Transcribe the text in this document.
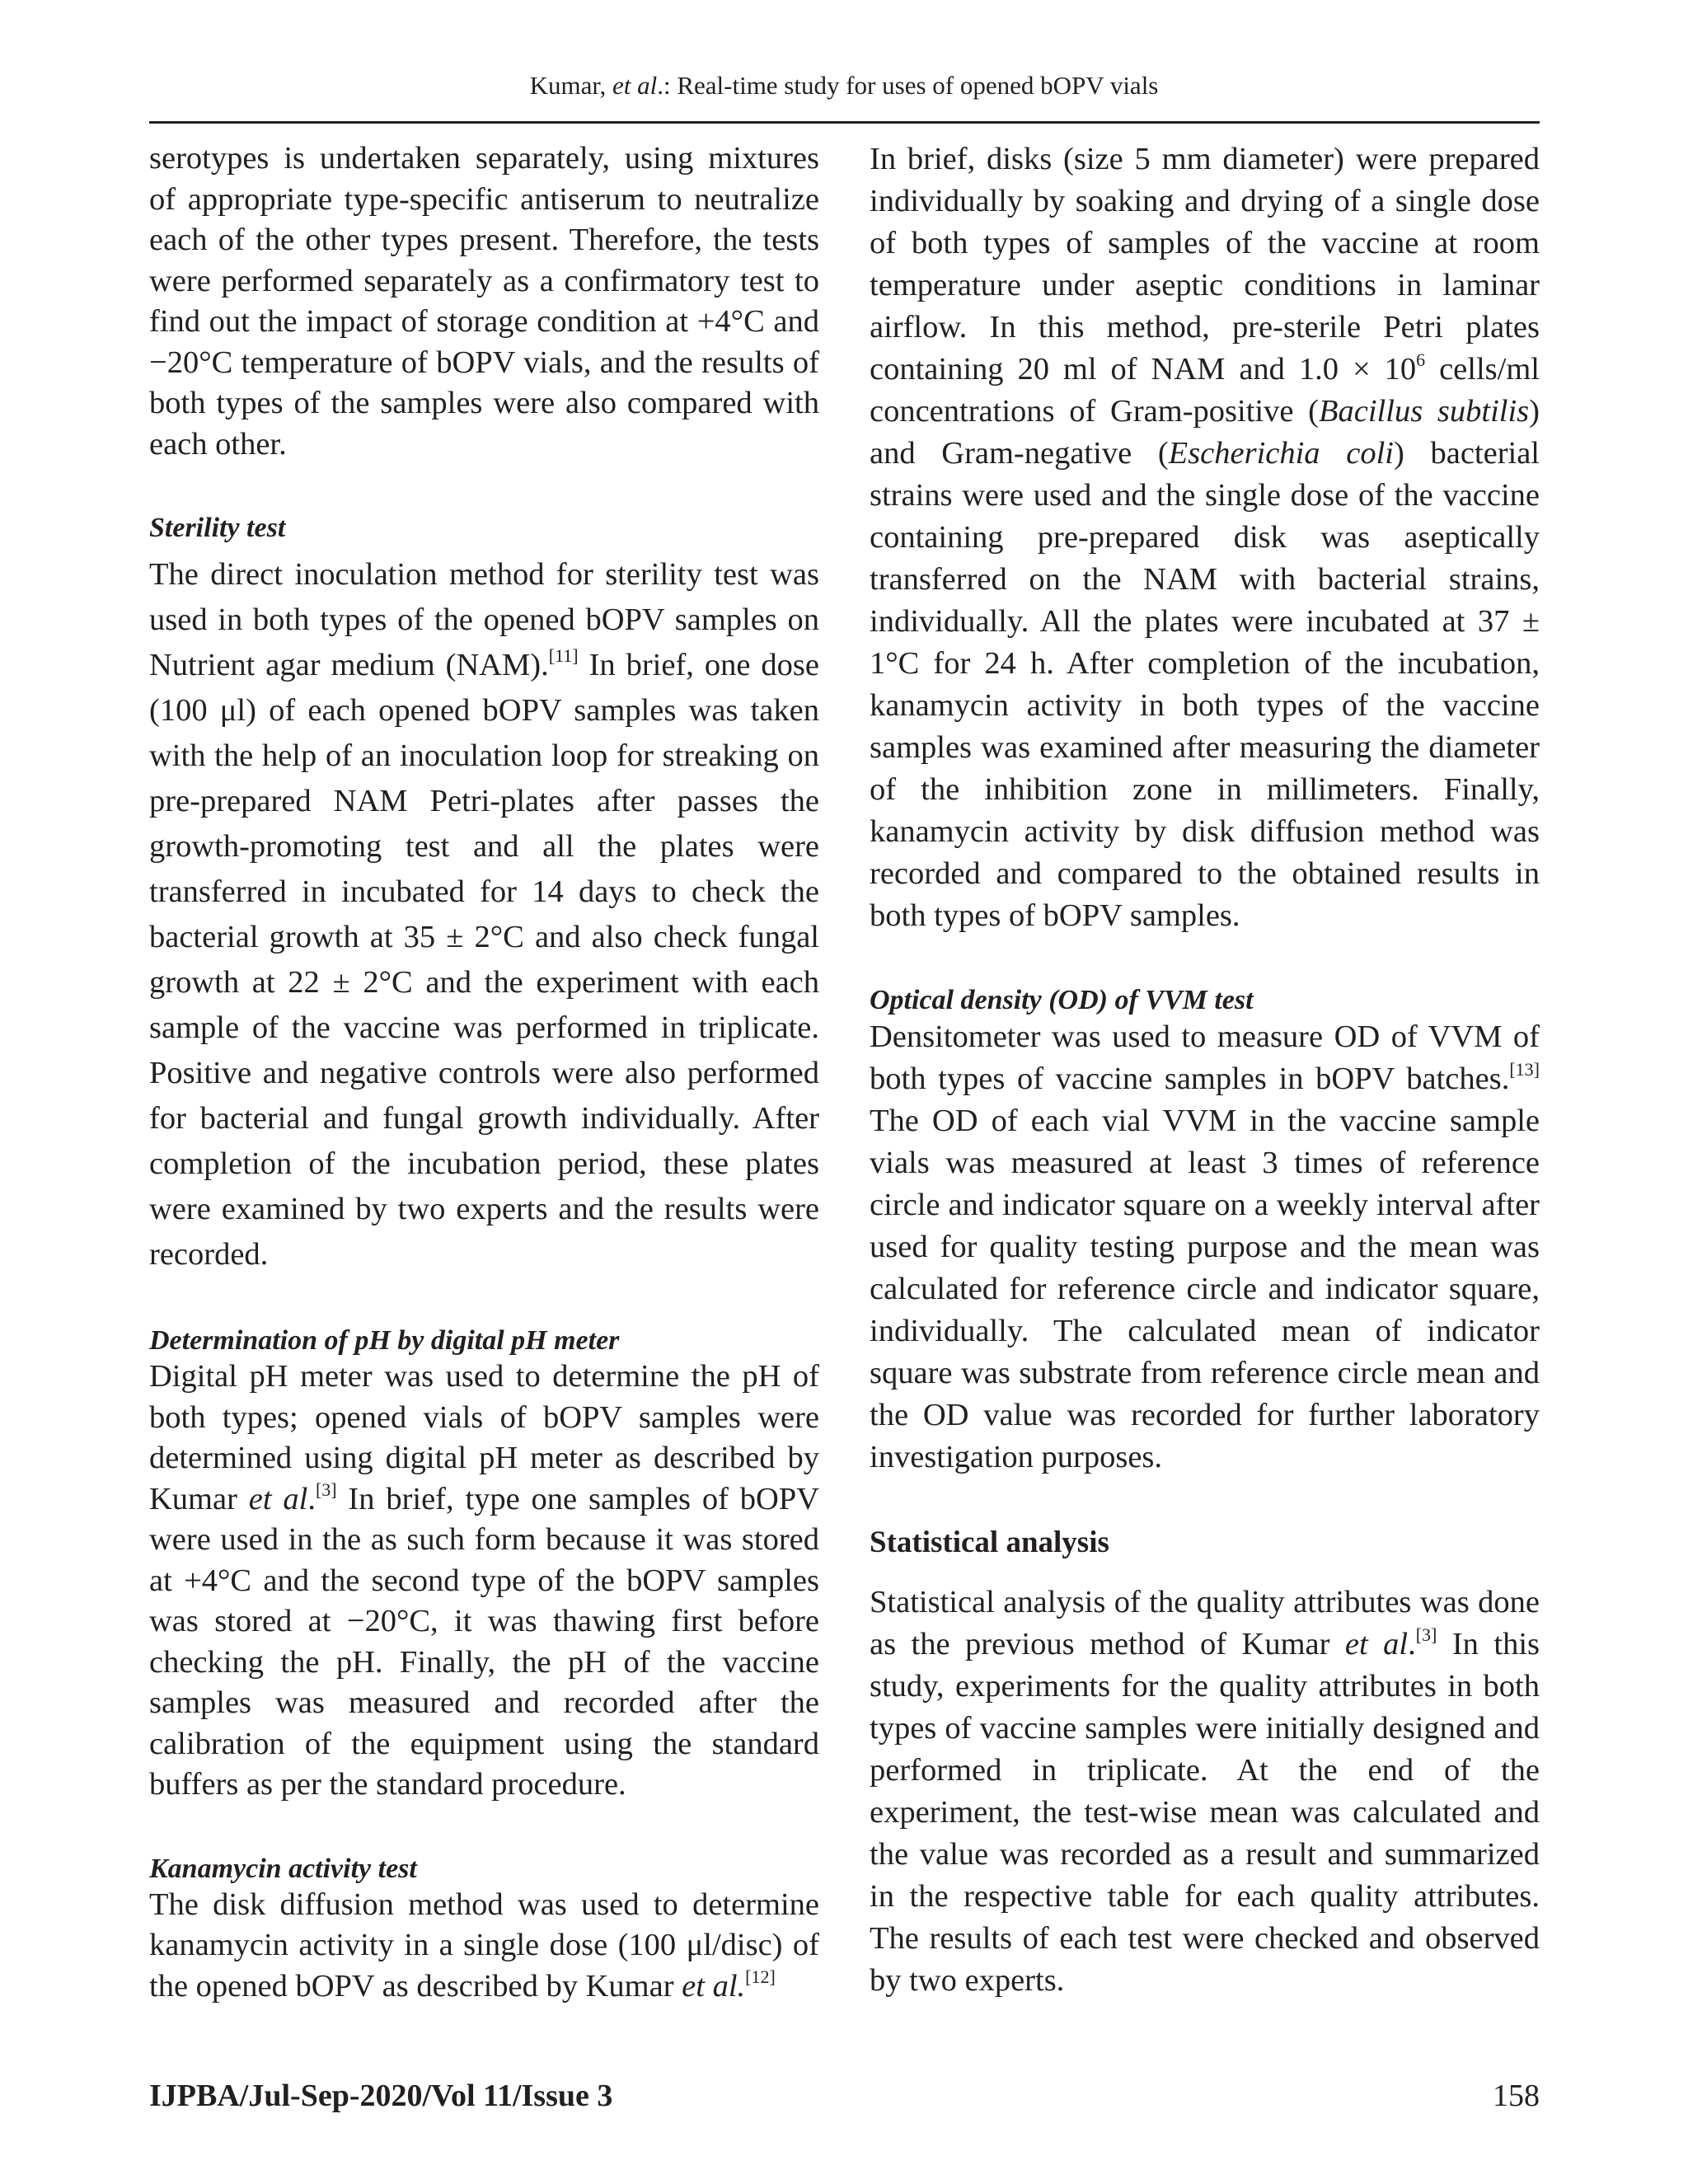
Kumar, et al.: Real-time study for uses of opened bOPV vials

serotypes is undertaken separately, using mixtures of appropriate type-specific antiserum to neutralize each of the other types present. Therefore, the tests were performed separately as a confirmatory test to find out the impact of storage condition at +4°C and −20°C temperature of bOPV vials, and the results of both types of the samples were also compared with each other.

Sterility test

The direct inoculation method for sterility test was used in both types of the opened bOPV samples on Nutrient agar medium (NAM).[11] In brief, one dose (100 μl) of each opened bOPV samples was taken with the help of an inoculation loop for streaking on pre-prepared NAM Petri-plates after passes the growth-promoting test and all the plates were transferred in incubated for 14 days to check the bacterial growth at 35 ± 2°C and also check fungal growth at 22 ± 2°C and the experiment with each sample of the vaccine was performed in triplicate. Positive and negative controls were also performed for bacterial and fungal growth individually. After completion of the incubation period, these plates were examined by two experts and the results were recorded.

Determination of pH by digital pH meter

Digital pH meter was used to determine the pH of both types; opened vials of bOPV samples were determined using digital pH meter as described by Kumar et al.[3] In brief, type one samples of bOPV were used in the as such form because it was stored at +4°C and the second type of the bOPV samples was stored at −20°C, it was thawing first before checking the pH. Finally, the pH of the vaccine samples was measured and recorded after the calibration of the equipment using the standard buffers as per the standard procedure.

Kanamycin activity test

The disk diffusion method was used to determine kanamycin activity in a single dose (100 μl/disc) of the opened bOPV as described by Kumar et al.[12]

In brief, disks (size 5 mm diameter) were prepared individually by soaking and drying of a single dose of both types of samples of the vaccine at room temperature under aseptic conditions in laminar airflow. In this method, pre-sterile Petri plates containing 20 ml of NAM and $1.0 \times 10^6$ cells/ml concentrations of Gram-positive (Bacillus subtilis) and Gram-negative (Escherichia coli) bacterial strains were used and the single dose of the vaccine containing pre-prepared disk was aseptically transferred on the NAM with bacterial strains, individually. All the plates were incubated at 37 ± 1°C for 24 h. After completion of the incubation, kanamycin activity in both types of the vaccine samples was examined after measuring the diameter of the inhibition zone in millimeters. Finally, kanamycin activity by disk diffusion method was recorded and compared to the obtained results in both types of bOPV samples.

Optical density (OD) of VVM test

Densitometer was used to measure OD of VVM of both types of vaccine samples in bOPV batches.[13] The OD of each vial VVM in the vaccine sample vials was measured at least 3 times of reference circle and indicator square on a weekly interval after used for quality testing purpose and the mean was calculated for reference circle and indicator square, individually. The calculated mean of indicator square was substrate from reference circle mean and the OD value was recorded for further laboratory investigation purposes.

Statistical analysis

Statistical analysis of the quality attributes was done as the previous method of Kumar et al.[3] In this study, experiments for the quality attributes in both types of vaccine samples were initially designed and performed in triplicate. At the end of the experiment, the test-wise mean was calculated and the value was recorded as a result and summarized in the respective table for each quality attributes. The results of each test were checked and observed by two experts.

IJPBA/Jul-Sep-2020/Vol 11/Issue 3	158
